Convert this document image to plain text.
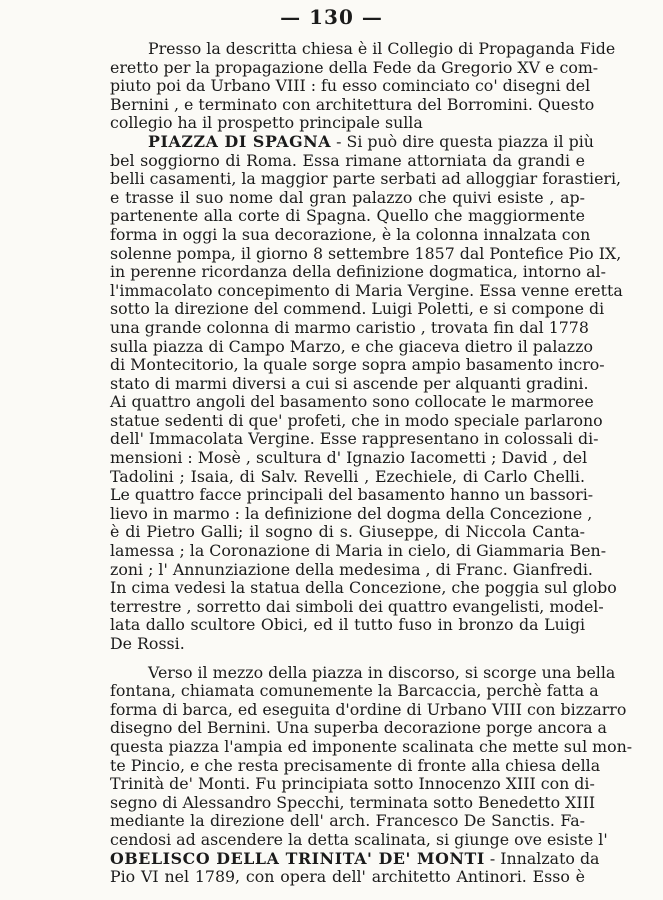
— 130 —
Presso la descritta chiesa è il Collegio di Propaganda Fide
eretto per la propagazione della Fede da Gregorio XV e com-
piuto poi da Urbano VIII : fu esso cominciato co' disegni del
Bernini , e terminato con architettura del Borromini. Questo
collegio ha il prospetto principale sulla
PIAZZA DI SPAGNA - Si può dire questa piazza il più
bel soggiorno di Roma. Essa rimane attorniata da grandi e
belli casamenti, la maggior parte serbati ad alloggiar forastieri,
e trasse il suo nome dal gran palazzo che quivi esiste , ap-
partenente alla corte di Spagna. Quello che maggiormente
forma in oggi la sua decorazione, è la colonna innalzata con
solenne pompa, il giorno 8 settembre 1857 dal Pontefice Pio IX,
in perenne ricordanza della definizione dogmatica, intorno al-
l'immacolato concepimento di Maria Vergine. Essa venne eretta
sotto la direzione del commend. Luigi Poletti, e si compone di
una grande colonna di marmo caristio , trovata fin dal 1778
sulla piazza di Campo Marzo, e che giaceva dietro il palazzo
di Montecitorio, la quale sorge sopra ampio basamento incro-
stato di marmi diversi a cui si ascende per alquanti gradini.
Ai quattro angoli del basamento sono collocate le marmoree
statue sedenti di que' profeti, che in modo speciale parlarono
dell' Immacolata Vergine. Esse rappresentano in colossali di-
mensioni : Mosè , scultura d' Ignazio Iacometti ; David , del
Tadolini ; Isaia, di Salv. Revelli , Ezechiele, di Carlo Chelli.
Le quattro facce principali del basamento hanno un bassori-
lievo in marmo : la definizione del dogma della Concezione ,
è di Pietro Galli; il sogno di s. Giuseppe, di Niccola Canta-
lamessa ; la Coronazione di Maria in cielo, di Giammaria Ben-
zoni ; l' Annunziazione della medesima , di Franc. Gianfredi.
In cima vedesi la statua della Concezione, che poggia sul globo
terrestre , sorretto dai simboli dei quattro evangelisti, model-
lata dallo scultore Obici, ed il tutto fuso in bronzo da Luigi
De Rossi.
Verso il mezzo della piazza in discorso, si scorge una bella
fontana, chiamata comunemente la Barcaccia, perchè fatta a
forma di barca, ed eseguita d'ordine di Urbano VIII con bizzarro
disegno del Bernini. Una superba decorazione porge ancora a
questa piazza l'ampia ed imponente scalinata che mette sul mon-
te Pincio, e che resta precisamente di fronte alla chiesa della
Trinità de' Monti. Fu principiata sotto Innocenzo XIII con di-
segno di Alessandro Specchi, terminata sotto Benedetto XIII
mediante la direzione dell' arch. Francesco De Sanctis. Fa-
cendosi ad ascendere la detta scalinata, si giunge ove esiste l'
OBELISCO DELLA TRINITA' DE' MONTI - Innalzato da
Pio VI nel 1789, con opera dell' architetto Antinori. Esso è
